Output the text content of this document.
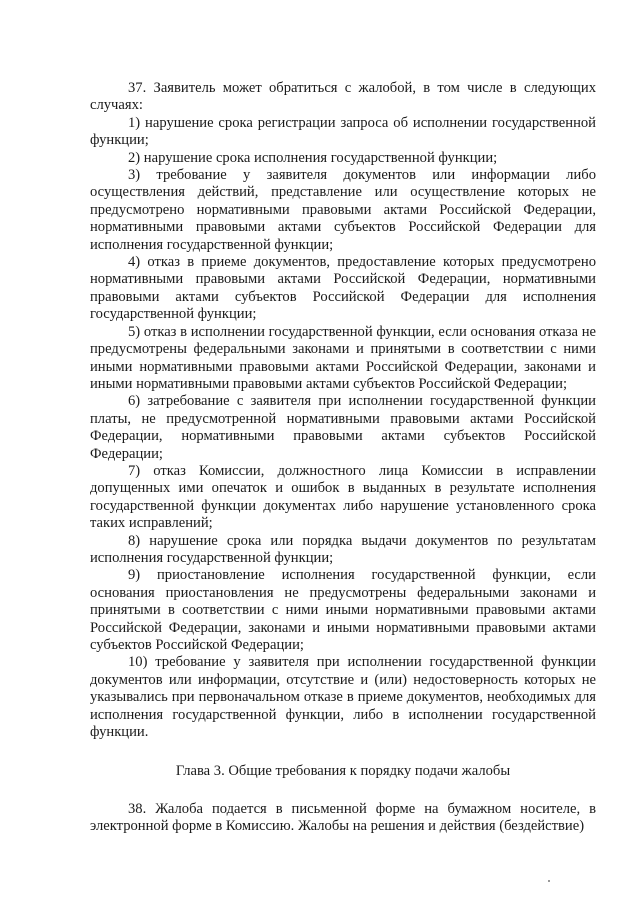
37. Заявитель может обратиться с жалобой, в том числе в следующих случаях:

1) нарушение срока регистрации запроса об исполнении государственной функции;

2) нарушение срока исполнения государственной функции;

3) требование у заявителя документов или информации либо осуществления действий, представление или осуществление которых не предусмотрено нормативными правовыми актами Российской Федерации, нормативными правовыми актами субъектов Российской Федерации для исполнения государственной функции;

4) отказ в приеме документов, предоставление которых предусмотрено нормативными правовыми актами Российской Федерации, нормативными правовыми актами субъектов Российской Федерации для исполнения государственной функции;

5) отказ в исполнении государственной функции, если основания отказа не предусмотрены федеральными законами и принятыми в соответствии с ними иными нормативными правовыми актами Российской Федерации, законами и иными нормативными правовыми актами субъектов Российской Федерации;

6) затребование с заявителя при исполнении государственной функции платы, не предусмотренной нормативными правовыми актами Российской Федерации, нормативными правовыми актами субъектов Российской Федерации;

7) отказ Комиссии, должностного лица Комиссии в исправлении допущенных ими опечаток и ошибок в выданных в результате исполнения государственной функции документах либо нарушение установленного срока таких исправлений;

8) нарушение срока или порядка выдачи документов по результатам исполнения государственной функции;

9) приостановление исполнения государственной функции, если основания приостановления не предусмотрены федеральными законами и принятыми в соответствии с ними иными нормативными правовыми актами Российской Федерации, законами и иными нормативными правовыми актами субъектов Российской Федерации;

10) требование у заявителя при исполнении государственной функции документов или информации, отсутствие и (или) недостоверность которых не указывались при первоначальном отказе в приеме документов, необходимых для исполнения государственной функции, либо в исполнении государственной функции.

Глава 3. Общие требования к порядку подачи жалобы

38. Жалоба подается в письменной форме на бумажном носителе, в электронной форме в Комиссию. Жалобы на решения и действия (бездействие)
